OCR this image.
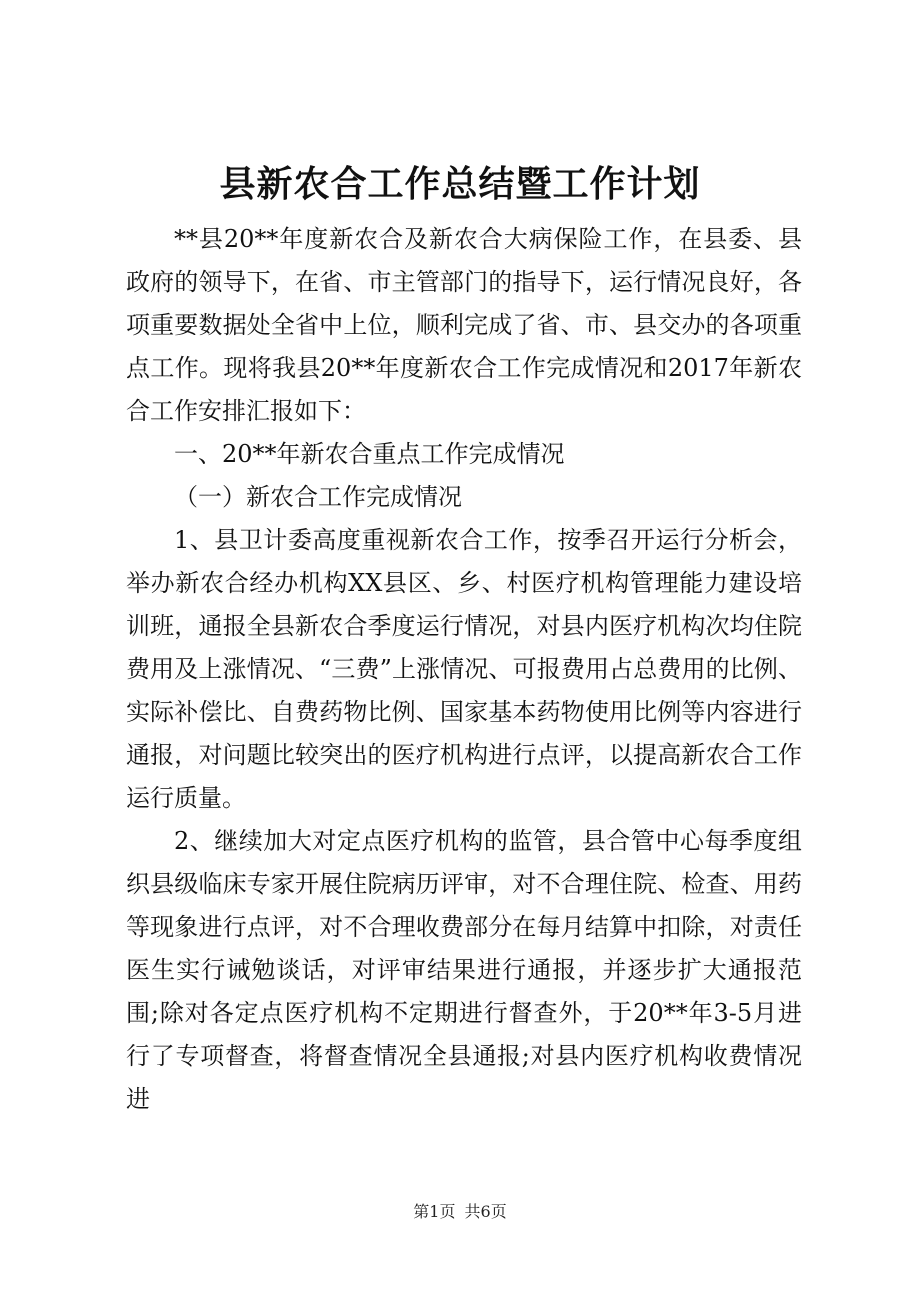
县新农合工作总结暨工作计划

**县20**年度新农合及新农合大病保险工作，在县委、县政府的领导下，在省、市主管部门的指导下，运行情况良好，各项重要数据处全省中上位，顺利完成了省、市、县交办的各项重点工作。现将我县20**年度新农合工作完成情况和2017年新农合工作安排汇报如下：

一、20**年新农合重点工作完成情况

（一）新农合工作完成情况

1、县卫计委高度重视新农合工作，按季召开运行分析会，举办新农合经办机构XX县区、乡、村医疗机构管理能力建设培训班，通报全县新农合季度运行情况，对县内医疗机构次均住院费用及上涨情况、“三费”上涨情况、可报费用占总费用的比例、实际补偿比、自费药物比例、国家基本药物使用比例等内容进行通报，对问题比较突出的医疗机构进行点评，以提高新农合工作运行质量。

2、继续加大对定点医疗机构的监管，县合管中心每季度组织县级临床专家开展住院病历评审，对不合理住院、检查、用药等现象进行点评，对不合理收费部分在每月结算中扣除，对责任医生实行诫勉谈话，对评审结果进行通报，并逐步扩大通报范围;除对各定点医疗机构不定期进行督查外，于20**年3-5月进行了专项督查，将督查情况全县通报;对县内医疗机构收费情况进

第1页 共6页
